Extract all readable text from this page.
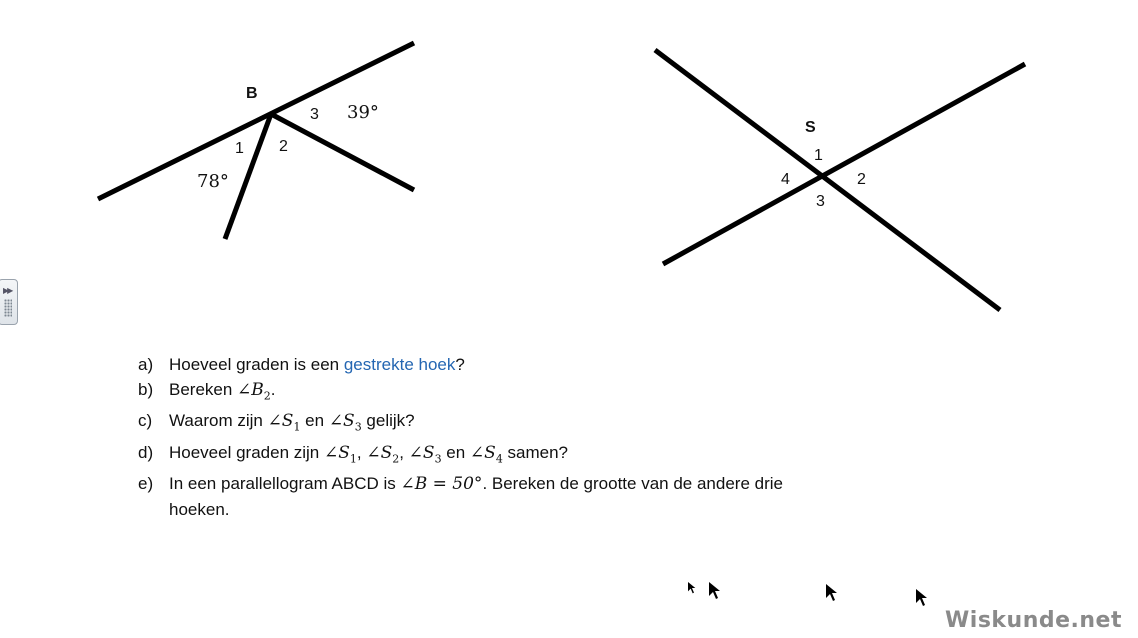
B
1 2
3 39°
78°
S
1
2
3
4
▶▶
a) Hoeveel graden is een gestrekte hoek?
b) Bereken $\angle B_2$.
c) Waarom zijn $\angle S_1$ en $\angle S_3$ gelijk?
d) Hoeveel graden zijn $\angle S_1$, $\angle S_2$, $\angle S_3$ en $\angle S_4$ samen?
e) In een parallellogram ABCD is ∠B = 50°. Bereken de grootte van de andere drie hoeken.
Wiskunde.net
